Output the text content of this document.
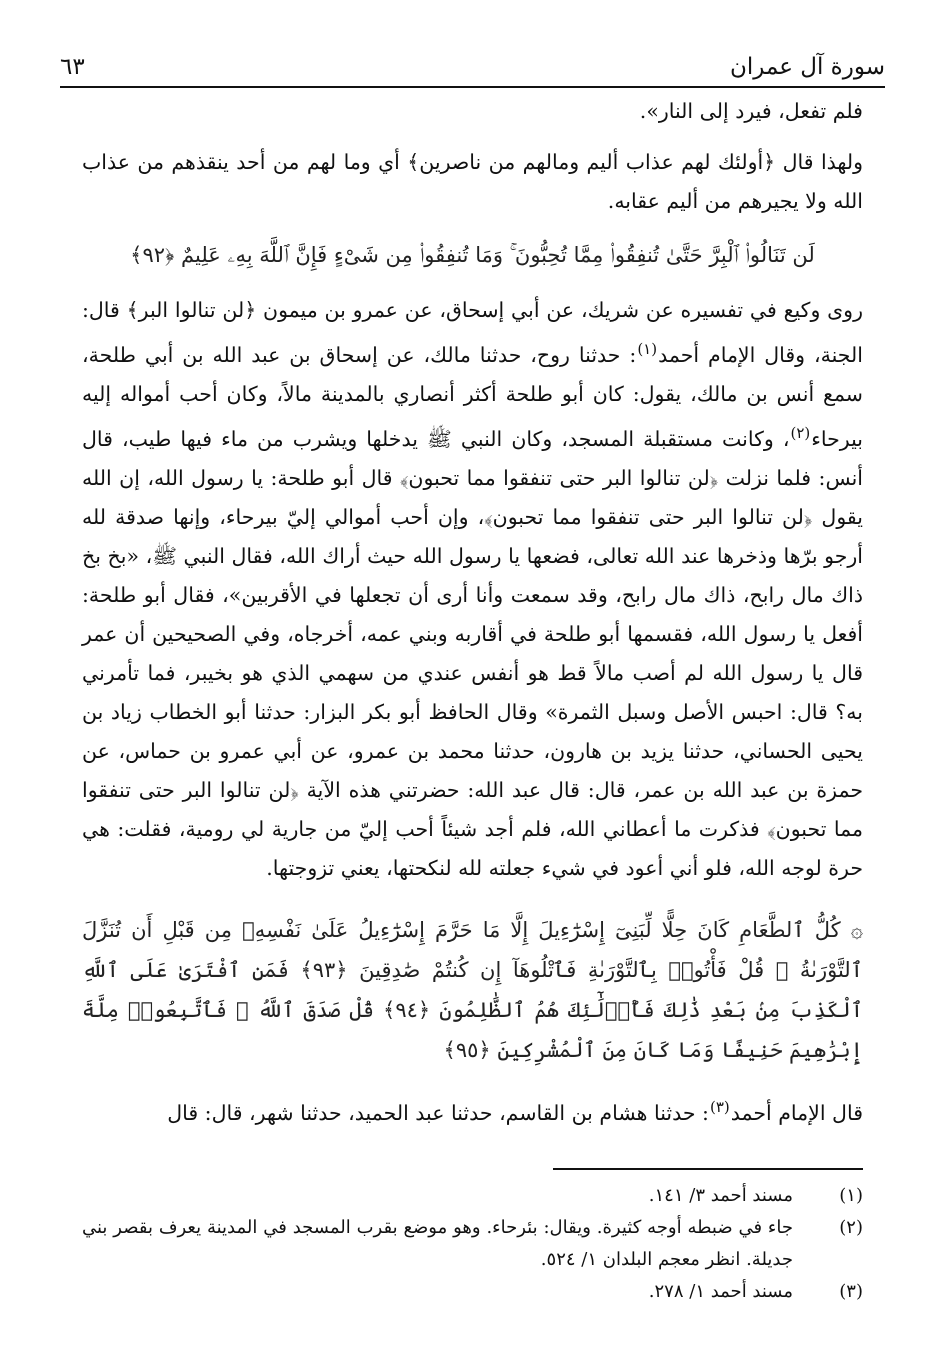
سورة آل عمران
٦٣

فلم تفعل، فيرد إلى النار».

ولهذا قال ﴿أولئك لهم عذاب أليم ومالهم من ناصرين﴾ أي وما لهم من أحد ينقذهم من عذاب الله ولا يجيرهم من أليم عقابه.

لَن تَنَالُوا۟ ٱلْبِرَّ حَتَّىٰ تُنفِقُوا۟ مِمَّا تُحِبُّونَ ۚ وَمَا تُنفِقُوا۟ مِن شَىْءٍ فَإِنَّ ٱللَّهَ بِهِۦ عَلِيمٌ ﴿٩٢﴾

روى وكيع في تفسيره عن شريك، عن أبي إسحاق، عن عمرو بن ميمون ﴿لن تنالوا البر﴾ قال: الجنة، وقال الإمام أحمد$^{(١)}$: حدثنا روح، حدثنا مالك، عن إسحاق بن عبد الله بن أبي طلحة، سمع أنس بن مالك، يقول: كان أبو طلحة أكثر أنصاري بالمدينة مالاً، وكان أحب أمواله إليه بيرحاء$^{(٢)}$، وكانت مستقبلة المسجد، وكان النبي ﷺ يدخلها ويشرب من ماء فيها طيب، قال أنس: فلما نزلت ﴿لن تنالوا البر حتى تنفقوا مما تحبون﴾ قال أبو طلحة: يا رسول الله، إن الله يقول ﴿لن تنالوا البر حتى تنفقوا مما تحبون﴾، وإن أحب أموالي إليّ بيرحاء، وإنها صدقة لله أرجو برّها وذخرها عند الله تعالى، فضعها يا رسول الله حيث أراك الله، فقال النبي ﷺ، «بخ بخ ذاك مال رابح، ذاك مال رابح، وقد سمعت وأنا أرى أن تجعلها في الأقربين»، فقال أبو طلحة: أفعل يا رسول الله، فقسمها أبو طلحة في أقاربه وبني عمه، أخرجاه، وفي الصحيحين أن عمر قال يا رسول الله لم أصب مالاً قط هو أنفس عندي من سهمي الذي هو بخيبر، فما تأمرني به؟ قال: احبس الأصل وسبل الثمرة» وقال الحافظ أبو بكر البزار: حدثنا أبو الخطاب زياد بن يحيى الحساني، حدثنا يزيد بن هارون، حدثنا محمد بن عمرو، عن أبي عمرو بن حماس، عن حمزة بن عبد الله بن عمر، قال: قال عبد الله: حضرتني هذه الآية ﴿لن تنالوا البر حتى تنفقوا مما تحبون﴾ فذكرت ما أعطاني الله، فلم أجد شيئاً أحب إليّ من جارية لي رومية، فقلت: هي حرة لوجه الله، فلو أني أعود في شيء جعلته لله لنكحتها، يعني تزوجتها.

۞ كُلُّ ٱلطَّعَامِ كَانَ حِلًّا لِّبَنِىٓ إِسْرَٰٓءِيلَ إِلَّا مَا حَرَّمَ إِسْرَٰٓءِيلُ عَلَىٰ نَفْسِهِۦ مِن قَبْلِ أَن تُنَزَّلَ ٱلتَّوْرَىٰةُ ۗ قُلْ فَأْتُوا۟ بِٱلتَّوْرَىٰةِ فَٱتْلُوهَآ إِن كُنتُمْ صَٰدِقِينَ ﴿٩٣﴾ فَمَنِ ٱفْتَرَىٰ عَلَى ٱللَّهِ ٱلْكَذِبَ مِنۢ بَعْدِ ذَٰلِكَ فَأُو۟لَٰٓئِكَ هُمُ ٱلظَّٰلِمُونَ ﴿٩٤﴾ قُلْ صَدَقَ ٱللَّهُ ۗ فَٱتَّبِعُوا۟ مِلَّةَ إِبْرَٰهِيمَ حَنِيفًا وَمَا كَانَ مِنَ ٱلْمُشْرِكِينَ ﴿٩٥﴾

قال الإمام أحمد$^{(٣)}$: حدثنا هشام بن القاسم، حدثنا عبد الحميد، حدثنا شهر، قال: قال

(١)
مسند أحمد ٣/ ١٤١.
(٢)
جاء في ضبطه أوجه كثيرة. ويقال: بئرحاء. وهو موضع بقرب المسجد في المدينة يعرف بقصر بني جديلة. انظر معجم البلدان ١/ ٥٢٤.
(٣)
مسند أحمد ١/ ٢٧٨.
